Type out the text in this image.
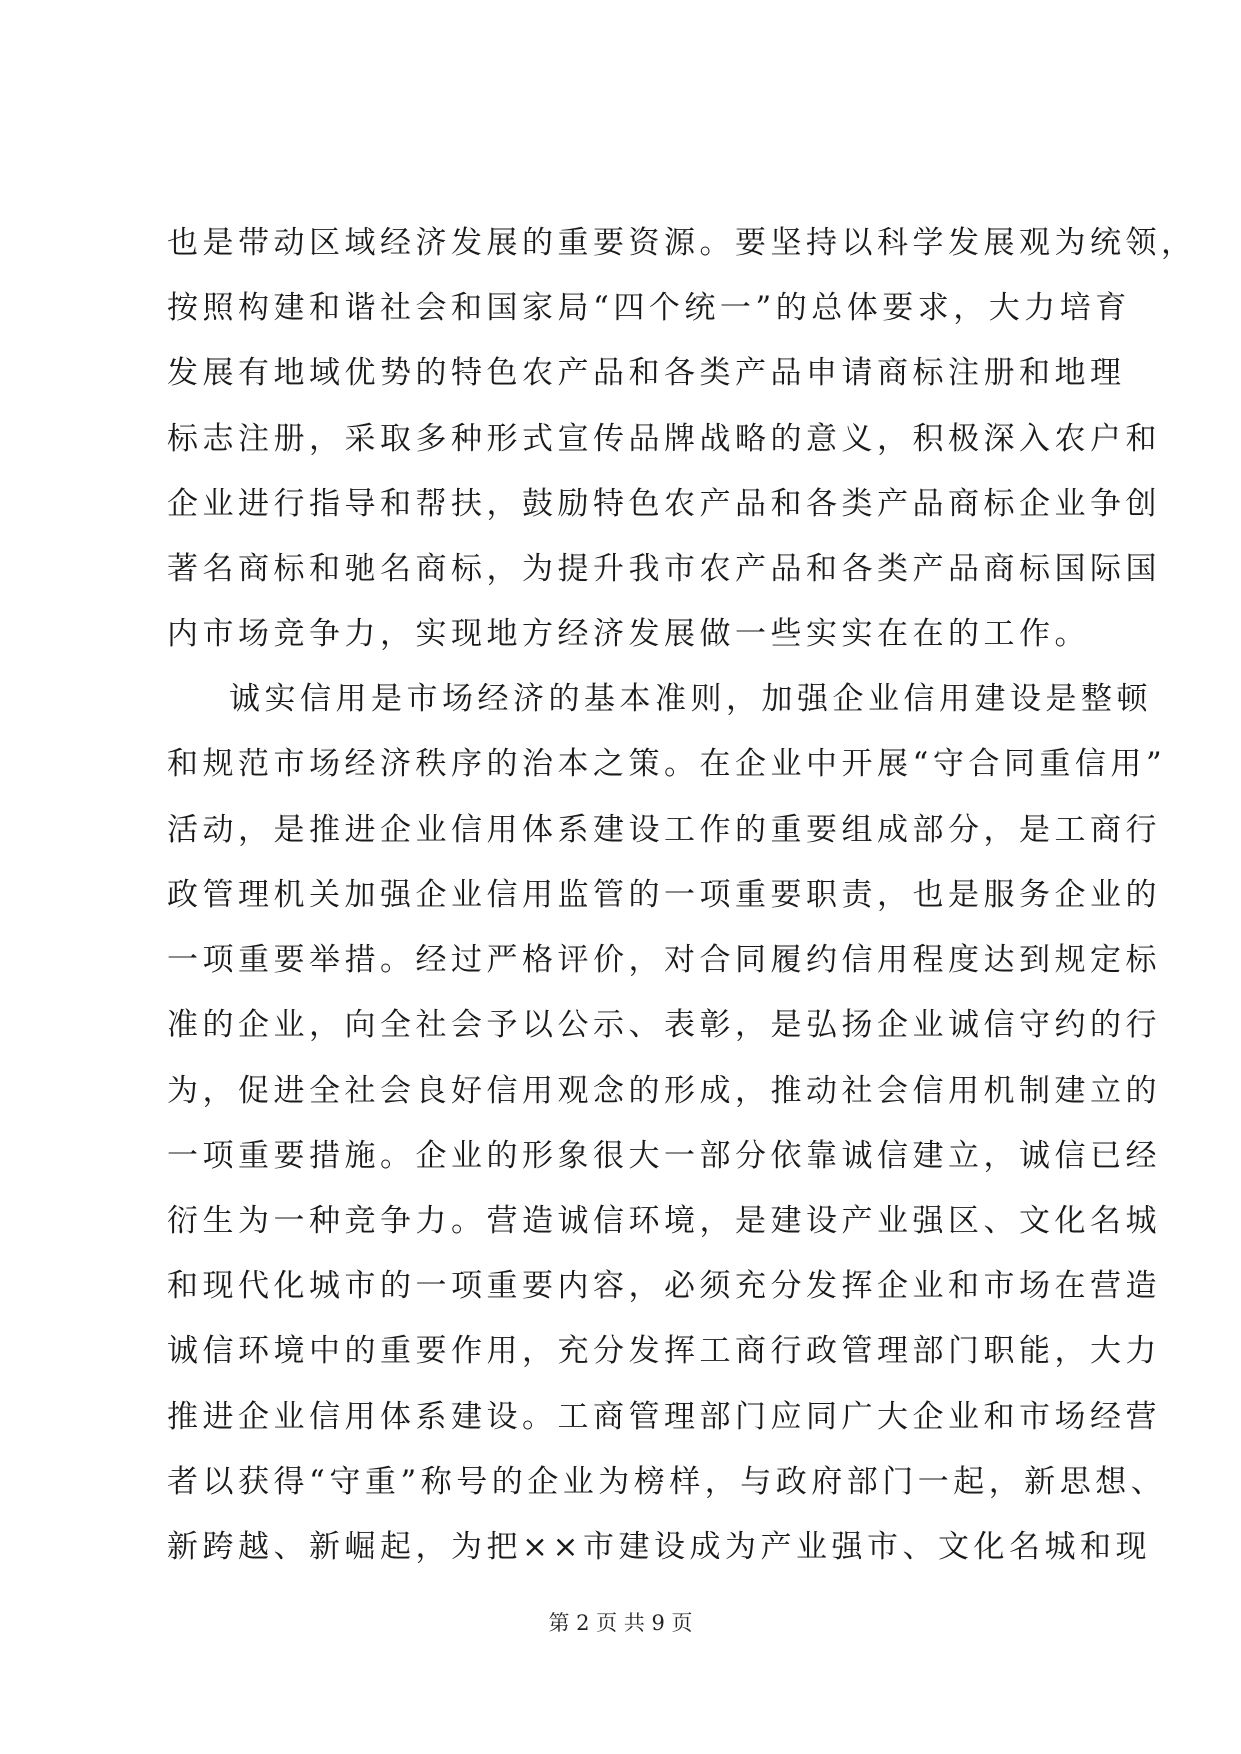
也是带动区域经济发展的重要资源。要坚持以科学发展观为统领，
按照构建和谐社会和国家局“四个统一”的总体要求，大力培育
发展有地域优势的特色农产品和各类产品申请商标注册和地理
标志注册，采取多种形式宣传品牌战略的意义，积极深入农户和
企业进行指导和帮扶，鼓励特色农产品和各类产品商标企业争创
著名商标和驰名商标，为提升我市农产品和各类产品商标国际国
内市场竞争力，实现地方经济发展做一些实实在在的工作。
诚实信用是市场经济的基本准则，加强企业信用建设是整顿
和规范市场经济秩序的治本之策。在企业中开展“守合同重信用”
活动，是推进企业信用体系建设工作的重要组成部分，是工商行
政管理机关加强企业信用监管的一项重要职责，也是服务企业的
一项重要举措。经过严格评价，对合同履约信用程度达到规定标
准的企业，向全社会予以公示、表彰，是弘扬企业诚信守约的行
为，促进全社会良好信用观念的形成，推动社会信用机制建立的
一项重要措施。企业的形象很大一部分依靠诚信建立，诚信已经
衍生为一种竞争力。营造诚信环境，是建设产业强区、文化名城
和现代化城市的一项重要内容，必须充分发挥企业和市场在营造
诚信环境中的重要作用，充分发挥工商行政管理部门职能，大力
推进企业信用体系建设。工商管理部门应同广大企业和市场经营
者以获得“守重”称号的企业为榜样，与政府部门一起，新思想、
新跨越、新崛起，为把××市建设成为产业强市、文化名城和现
第 2 页 共 9 页
